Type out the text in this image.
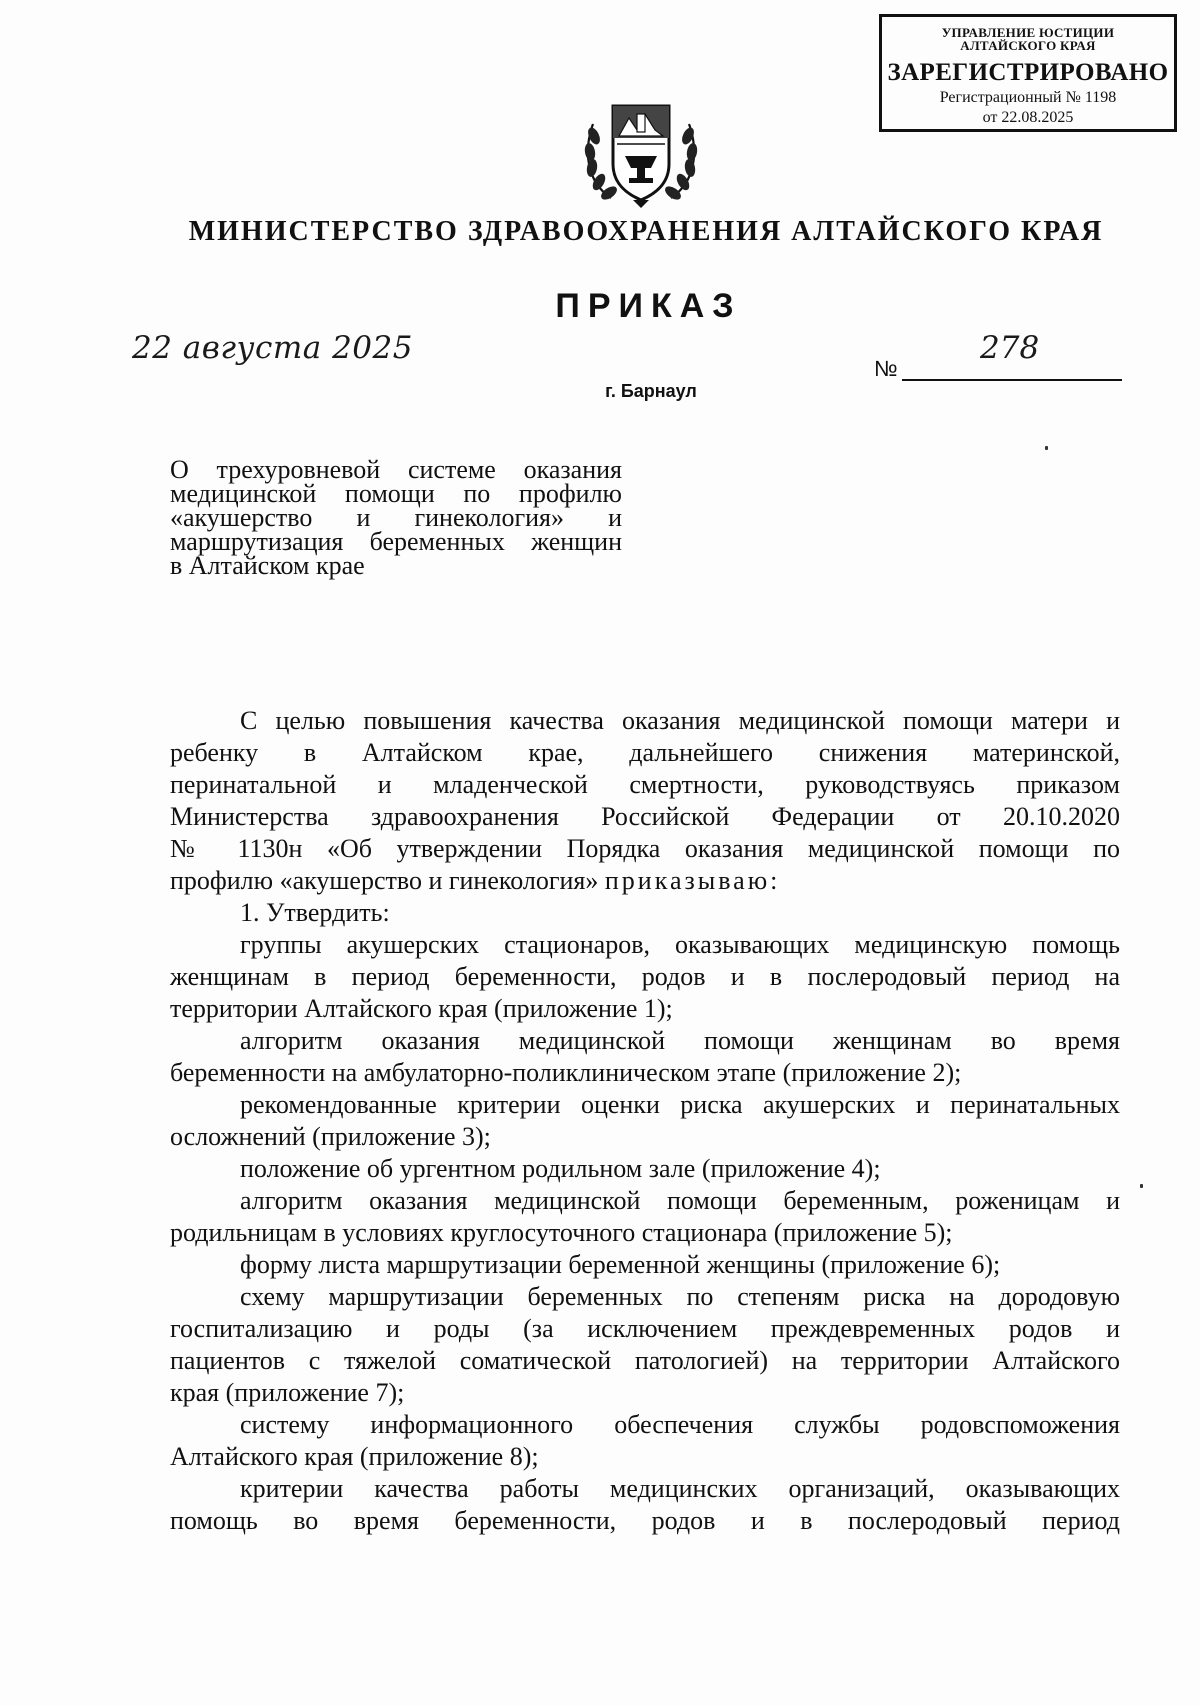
УПРАВЛЕНИЕ ЮСТИЦИИ
АЛТАЙСКОГО КРАЯ
ЗАРЕГИСТРИРОВАНО
Регистрационный № 1198
от 22.08.2025
МИНИСТЕРСТВО ЗДРАВООХРАНЕНИЯ АЛТАЙСКОГО КРАЯ
ПРИКАЗ
22 августа 2025
№
278
г. Барнаул
О трехуровневой системе оказания
медицинской помощи по профилю
«акушерство и гинекология» и
маршрутизация беременных женщин
в Алтайском крае
С целью повышения качества оказания медицинской помощи матери и
ребенку в Алтайском крае, дальнейшего снижения материнской,
перинатальной и младенческой смертности, руководствуясь приказом
Министерства здравоохранения Российской Федерации от 20.10.2020
№ 1130н «Об утверждении Порядка оказания медицинской помощи по
профилю «акушерство и гинекология» приказываю:
1. Утвердить:
группы акушерских стационаров, оказывающих медицинскую помощь
женщинам в период беременности, родов и в послеродовый период на
территории Алтайского края (приложение 1);
алгоритм оказания медицинской помощи женщинам во время
беременности на амбулаторно-поликлиническом этапе (приложение 2);
рекомендованные критерии оценки риска акушерских и перинатальных
осложнений (приложение 3);
положение об ургентном родильном зале (приложение 4);
алгоритм оказания медицинской помощи беременным, роженицам и
родильницам в условиях круглосуточного стационара (приложение 5);
форму листа маршрутизации беременной женщины (приложение 6);
схему маршрутизации беременных по степеням риска на дородовую
госпитализацию и роды (за исключением преждевременных родов и
пациентов с тяжелой соматической патологией) на территории Алтайского
края (приложение 7);
систему информационного обеспечения службы родовспоможения
Алтайского края (приложение 8);
критерии качества работы медицинских организаций, оказывающих
помощь во время беременности, родов и в послеродовый период
